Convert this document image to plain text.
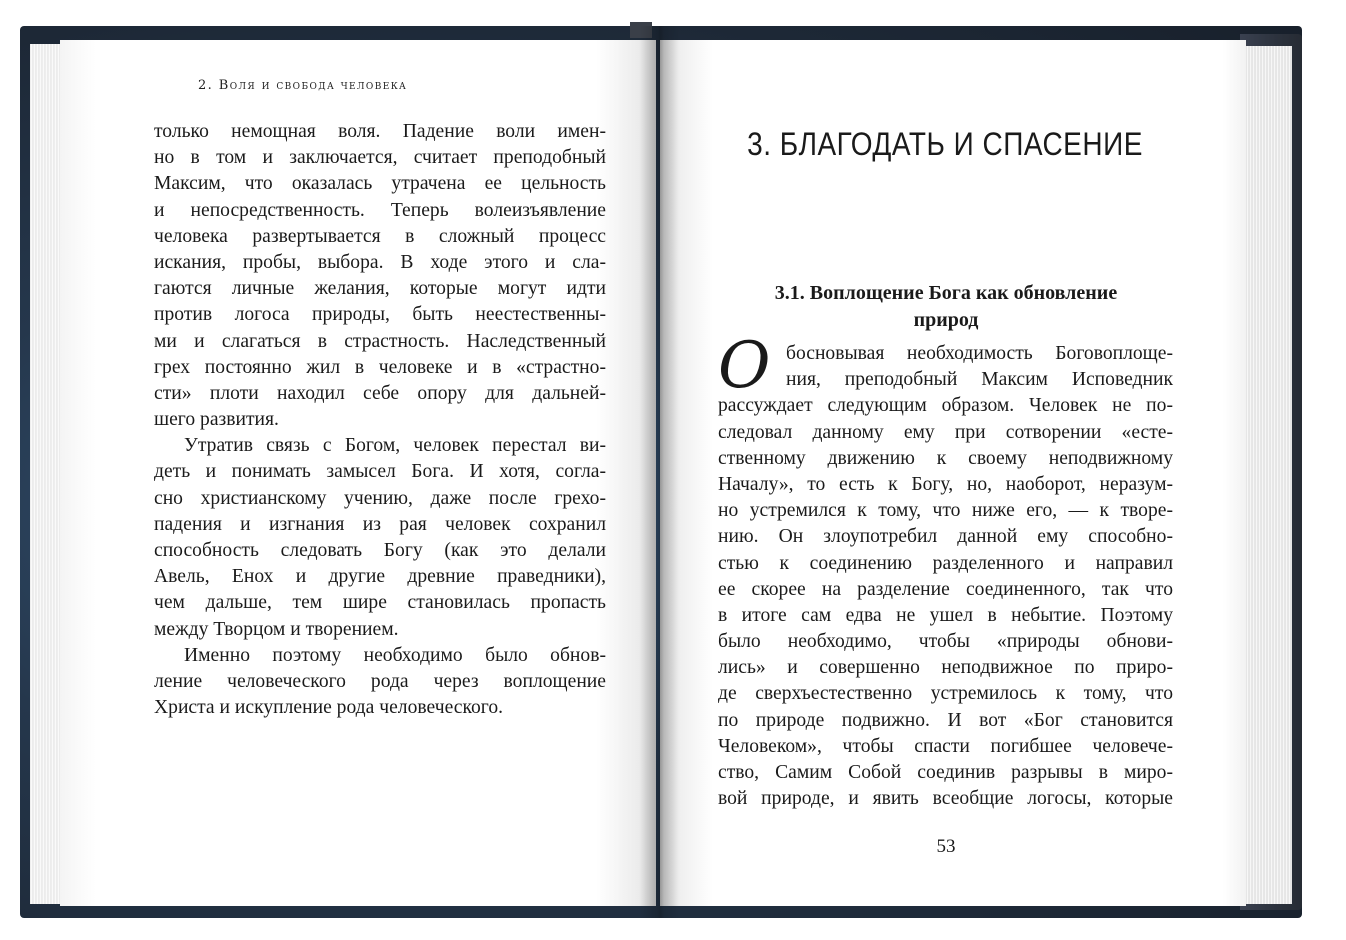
2. Воля и свобода человека
только немощная воля. Падение воли имен-
но в том и заключается, считает преподобный
Максим, что оказалась утрачена ее цельность
и непосредственность. Теперь волеизъявление
человека развертывается в сложный процесс
искания, пробы, выбора. В ходе этого и сла-
гаются личные желания, которые могут идти
против логоса природы, быть неестественны-
ми и слагаться в страстность. Наследственный
грех постоянно жил в человеке и в «страстно-
сти» плоти находил себе опору для дальней-
шего развития.
Утратив связь с Богом, человек перестал ви-
деть и понимать замысел Бога. И хотя, согла-
сно христианскому учению, даже после грехо-
падения и изгнания из рая человек сохранил
способность следовать Богу (как это делали
Авель, Енох и другие древние праведники),
чем дальше, тем шире становилась пропасть
между Творцом и творением.
Именно поэтому необходимо было обнов-
ление человеческого рода через воплощение
Христа и искупление рода человеческого.
3. БЛАГОДАТЬ И СПАСЕНИЕ
3.1. Воплощение Бога как обновление
природ
О босновывая необходимость Боговоплоще-
ния, преподобный Максим Исповедник
рассуждает следующим образом. Человек не по-
следовал данному ему при сотворении «есте-
ственному движению к своему неподвижному
Началу», то есть к Богу, но, наоборот, неразум-
но устремился к тому, что ниже его, — к творе-
нию. Он злоупотребил данной ему способно-
стью к соединению разделенного и направил
ее скорее на разделение соединенного, так что
в итоге сам едва не ушел в небытие. Поэтому
было необходимо, чтобы «природы обнови-
лись» и совершенно неподвижное по приро-
де сверхъестественно устремилось к тому, что
по природе подвижно. И вот «Бог становится
Человеком», чтобы спасти погибшее человече-
ство, Самим Собой соединив разрывы в миро-
вой природе, и явить всеобщие логосы, которые
53
